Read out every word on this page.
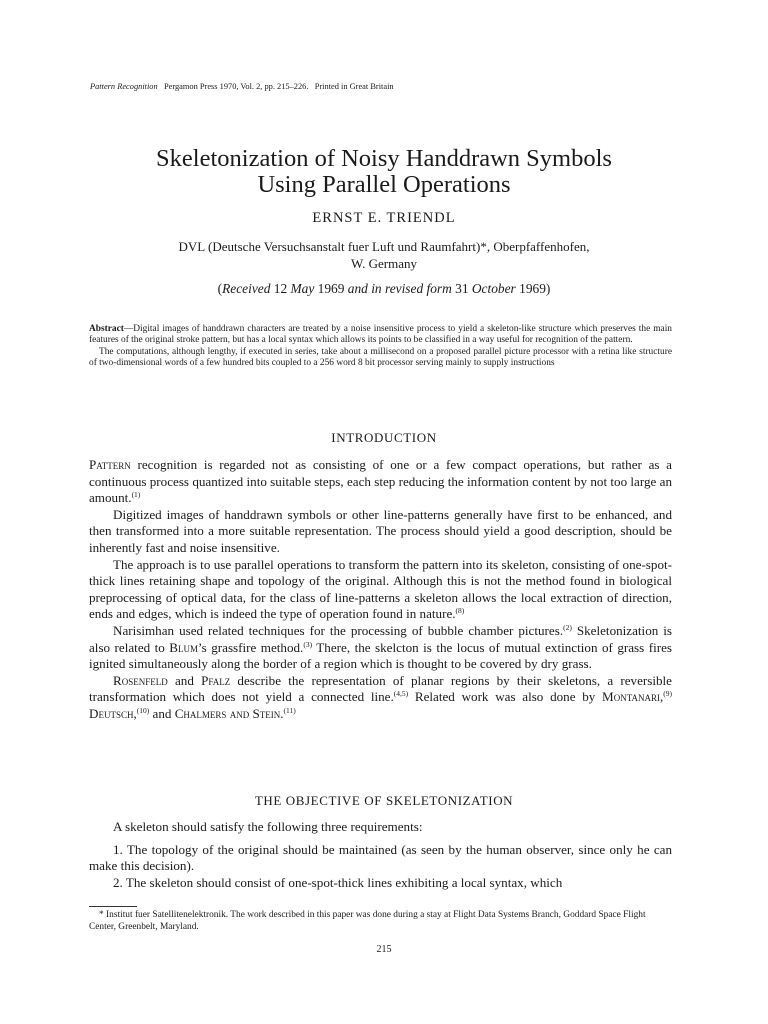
Pattern Recognition Pergamon Press 1970, Vol. 2, pp. 215–226. Printed in Great Britain
Skeletonization of Noisy Handdrawn Symbols
Using Parallel Operations
ERNST E. TRIENDL
DVL (Deutsche Versuchsanstalt fuer Luft und Raumfahrt)*, Oberpfaffenhofen,
W. Germany
(Received 12 May 1969 and in revised form 31 October 1969)

Abstract—Digital images of handdrawn characters are treated by a noise insensitive process to yield a skeleton-like structure which preserves the main features of the original stroke pattern, but has a local syntax which allows its points to be classified in a way useful for recognition of the pattern.

The computations, although lengthy, if executed in series, take about a millisecond on a proposed parallel picture processor with a retina like structure of two-dimensional words of a few hundred bits coupled to a 256 word 8 bit processor serving mainly to supply instructions

INTRODUCTION

Pattern recognition is regarded not as consisting of one or a few compact operations, but rather as a continuous process quantized into suitable steps, each step reducing the information content by not too large an amount.$^{(1)}$

Digitized images of handdrawn symbols or other line-patterns generally have first to be enhanced, and then transformed into a more suitable representation. The process should yield a good description, should be inherently fast and noise insensitive.

The approach is to use parallel operations to transform the pattern into its skeleton, consisting of one-spot-thick lines retaining shape and topology of the original. Although this is not the method found in biological preprocessing of optical data, for the class of line-patterns a skeleton allows the local extraction of direction, ends and edges, which is indeed the type of operation found in nature.$^{(8)}$

Narisimhan used related techniques for the processing of bubble chamber pictures.$^{(2)}$ Skeletonization is also related to Blum’s grassfire method.$^{(3)}$ There, the skelcton is the locus of mutual extinction of grass fires ignited simultaneously along the border of a region which is thought to be covered by dry grass.

Rosenfeld and Pfalz describe the representation of planar regions by their skeletons, a reversible transformation which does not yield a connected line.$^{(4,5)}$ Related work was also done by Montanari,$^{(9)}$ Deutsch,$^{(10)}$ and Chalmers and Stein.$^{(11)}$

THE OBJECTIVE OF SKELETONIZATION

A skeleton should satisfy the following three requirements:

1. The topology of the original should be maintained (as seen by the human observer, since only he can make this decision).

2. The skeleton should consist of one-spot-thick lines exhibiting a local syntax, which

* Institut fuer Satellitenelektronik. The work described in this paper was done during a stay at Flight Data Systems Branch, Goddard Space Flight Center, Greenbelt, Maryland.
215
